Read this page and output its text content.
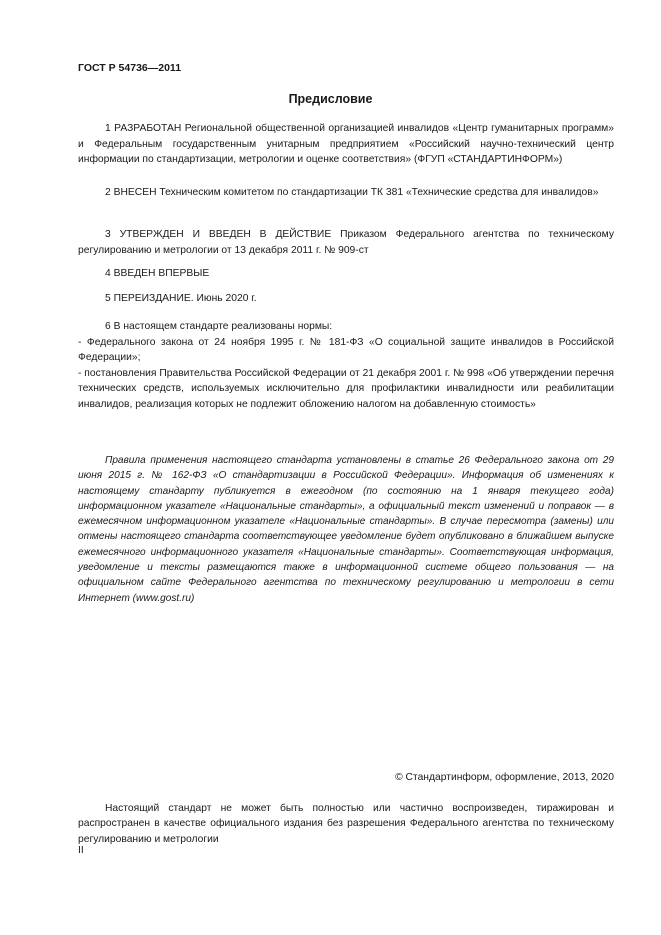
ГОСТ Р 54736—2011
Предисловие
1 РАЗРАБОТАН Региональной общественной организацией инвалидов «Центр гуманитарных программ» и Федеральным государственным унитарным предприятием «Российский научно-технический центр информации по стандартизации, метрологии и оценке соответствия» (ФГУП «СТАНДАРТИНФОРМ»)
2 ВНЕСЕН Техническим комитетом по стандартизации ТК 381 «Технические средства для инвалидов»
3 УТВЕРЖДЕН И ВВЕДЕН В ДЕЙСТВИЕ Приказом Федерального агентства по техническому регулированию и метрологии от 13 декабря 2011 г. № 909-ст
4 ВВЕДЕН ВПЕРВЫЕ
5 ПЕРЕИЗДАНИЕ. Июнь 2020 г.
6 В настоящем стандарте реализованы нормы:
- Федерального закона от 24 ноября 1995 г. № 181-ФЗ «О социальной защите инвалидов в Российской Федерации»;
- постановления Правительства Российской Федерации от 21 декабря 2001 г. № 998 «Об утверждении перечня технических средств, используемых исключительно для профилактики инвалидности или реабилитации инвалидов, реализация которых не подлежит обложению налогом на добавленную стоимость»
Правила применения настоящего стандарта установлены в статье 26 Федерального закона от 29 июня 2015 г. № 162-ФЗ «О стандартизации в Российской Федерации». Информация об изменениях к настоящему стандарту публикуется в ежегодном (по состоянию на 1 января текущего года) информационном указателе «Национальные стандарты», а официальный текст изменений и поправок — в ежемесячном информационном указателе «Национальные стандарты». В случае пересмотра (замены) или отмены настоящего стандарта соответствующее уведомление будет опубликовано в ближайшем выпуске ежемесячного информационного указателя «Национальные стандарты». Соответствующая информация, уведомление и тексты размещаются также в информационной системе общего пользования — на официальном сайте Федерального агентства по техническому регулированию и метрологии в сети Интернет (www.gost.ru)
© Стандартинформ, оформление, 2013, 2020
Настоящий стандарт не может быть полностью или частично воспроизведен, тиражирован и распространен в качестве официального издания без разрешения Федерального агентства по техническому регулированию и метрологии
II
